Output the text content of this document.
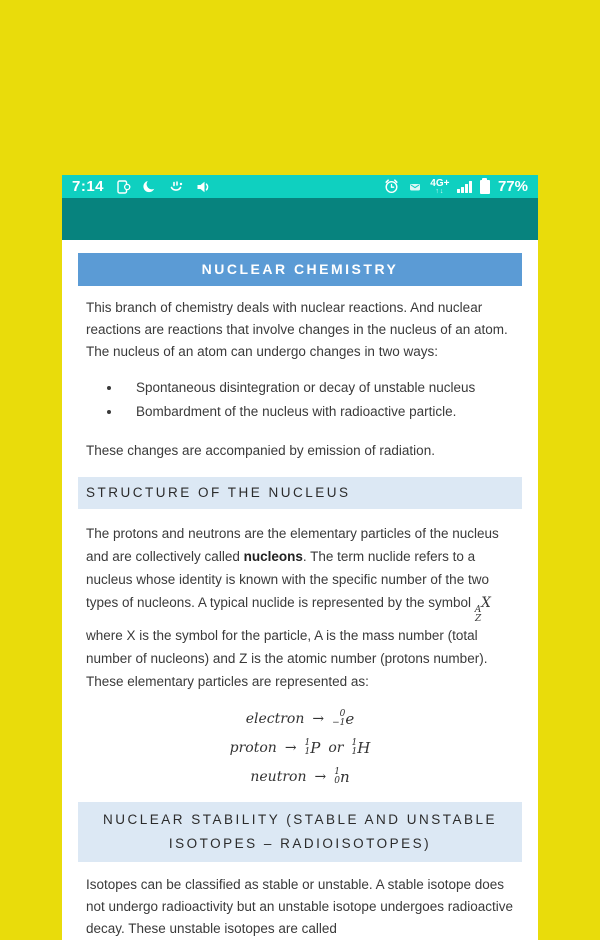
7:14	4G+
↑↓	77%
NUCLEAR CHEMISTRY

This branch of chemistry deals with nuclear reactions. And nuclear reactions are reactions that involve changes in the nucleus of an atom. The nucleus of an atom can undergo changes in two ways:

• Spontaneous disintegration or decay of unstable nucleus
• Bombardment of the nucleus with radioactive particle.

These changes are accompanied by emission of radiation.

STRUCTURE OF THE NUCLEUS

The protons and neutrons are the elementary particles of the nucleus and are collectively called nucleons. The term nuclide refers to a nucleus whose identity is known with the specific number of the two types of nucleons. A typical nuclide is represented by the symbol A
Z
X where X is the symbol for the particle, A is the mass number (total number of nucleons) and Z is the atomic number (protons number). These elementary particles are represented as:

electron → 0
−1 e
proton → 1
1 P or 1
1 H
neutron → 1
0 n
NUCLEAR STABILITY (STABLE AND UNSTABLE ISOTOPES – RADIOISOTOPES)

Isotopes can be classified as stable or unstable. A stable isotope does not undergo radioactivity but an unstable isotope undergoes radioactive decay. These unstable isotopes are called
